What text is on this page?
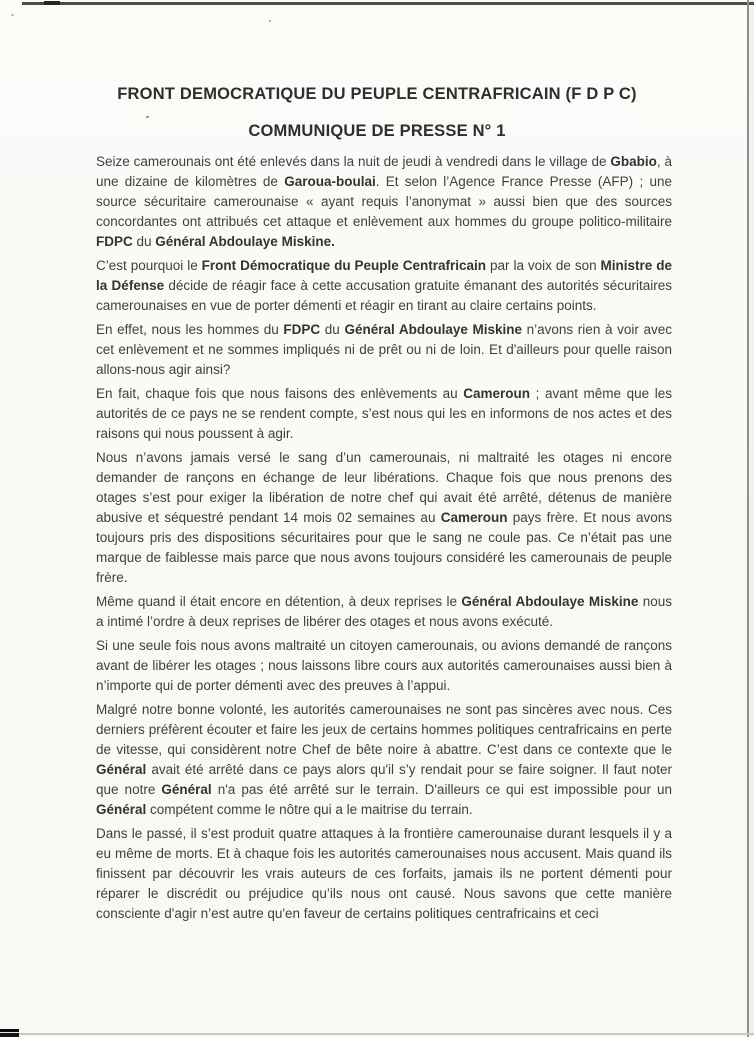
FRONT DEMOCRATIQUE DU PEUPLE CENTRAFRICAIN (F D P C)
COMMUNIQUE DE PRESSE N° 1

Seize camerounais ont été enlevés dans la nuit de jeudi à vendredi dans le village de Gbabio, à une dizaine de kilomètres de Garoua-boulai. Et selon l’Agence France Presse (AFP) ; une source sécuritaire camerounaise « ayant requis l’anonymat » aussi bien que des sources concordantes ont attribués cet attaque et enlèvement aux hommes du groupe politico-militaire FDPC du Général Abdoulaye Miskine.

C’est pourquoi le Front Démocratique du Peuple Centrafricain par la voix de son Ministre de la Défense décide de réagir face à cette accusation gratuite émanant des autorités sécuritaires camerounaises en vue de porter démenti et réagir en tirant au claire certains points.

En effet, nous les hommes du FDPC du Général Abdoulaye Miskine n’avons rien à voir avec cet enlèvement et ne sommes impliqués ni de prêt ou ni de loin. Et d'ailleurs pour quelle raison allons-nous agir ainsi?

En fait, chaque fois que nous faisons des enlèvements au Cameroun ; avant même que les autorités de ce pays ne se rendent compte, s’est nous qui les en informons de nos actes et des raisons qui nous poussent à agir.

Nous n’avons jamais versé le sang d’un camerounais, ni maltraité les otages ni encore demander de rançons en échange de leur libérations. Chaque fois que nous prenons des otages s’est pour exiger la libération de notre chef qui avait été arrêté, détenus de manière abusive et séquestré pendant 14 mois 02 semaines au Cameroun pays frère. Et nous avons toujours pris des dispositions sécuritaires pour que le sang ne coule pas. Ce n’était pas une marque de faiblesse mais parce que nous avons toujours considéré les camerounais de peuple frère.

Même quand il était encore en détention, à deux reprises le Général Abdoulaye Miskine nous a intimé l’ordre à deux reprises de libérer des otages et nous avons exécuté.

Si une seule fois nous avons maltraité un citoyen camerounais, ou avions demandé de rançons avant de libérer les otages ; nous laissons libre cours aux autorités camerounaises aussi bien à n’importe qui de porter démenti avec des preuves à l’appui.

Malgré notre bonne volonté, les autorités camerounaises ne sont pas sincères avec nous. Ces derniers préfèrent écouter et faire les jeux de certains hommes politiques centrafricains en perte de vitesse, qui considèrent notre Chef de bête noire à abattre. C’est dans ce contexte que le Général avait été arrêté dans ce pays alors qu'il s’y rendait pour se faire soigner. Il faut noter que notre Général n'a pas été arrêté sur le terrain. D'ailleurs ce qui est impossible pour un Général compétent comme le nôtre qui a le maitrise du terrain.

Dans le passé, il s’est produit quatre attaques à la frontière camerounaise durant lesquels il y a eu même de morts. Et à chaque fois les autorités camerounaises nous accusent. Mais quand ils finissent par découvrir les vrais auteurs de ces forfaits, jamais ils ne portent démenti pour réparer le discrédit ou préjudice qu’ils nous ont causé. Nous savons que cette manière consciente d'agir n’est autre qu'en faveur de certains politiques centrafricains et ceci
